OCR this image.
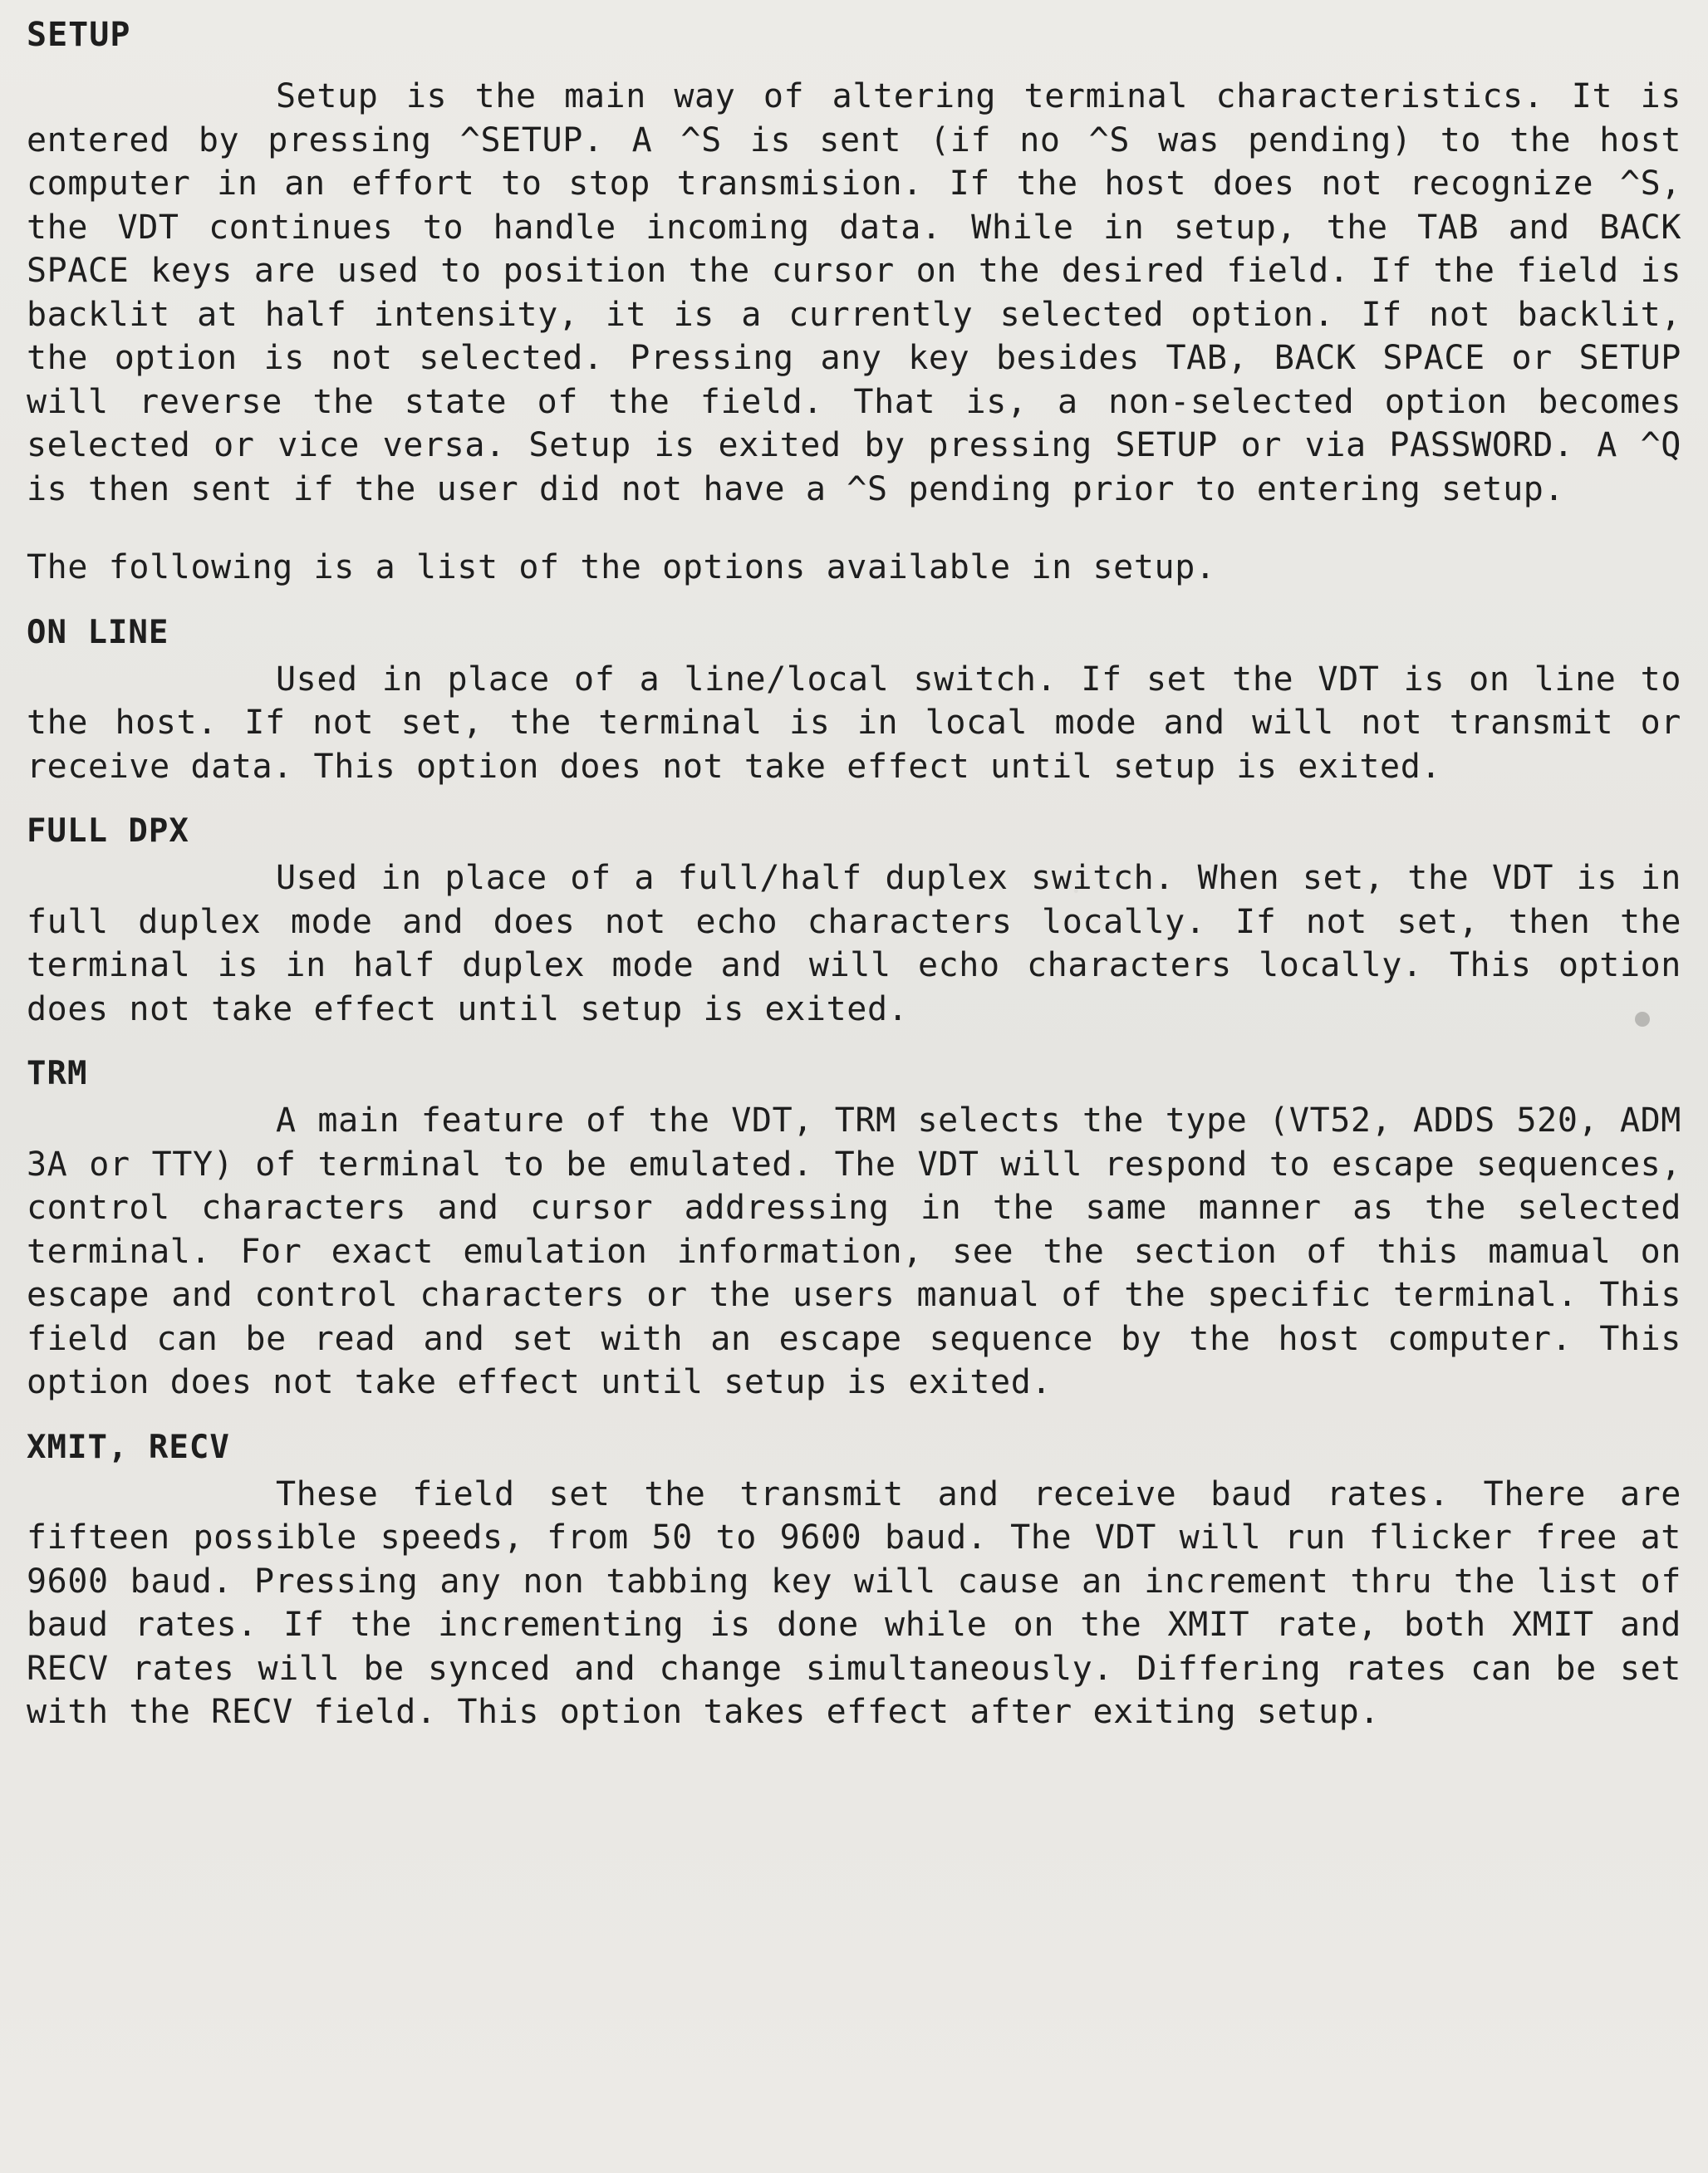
SETUP

Setup is the main way of altering terminal characteristics. It is entered by pressing ^SETUP. A ^S is sent (if no ^S was pending) to the host computer in an effort to stop transmision. If the host does not recognize ^S, the VDT continues to handle incoming data. While in setup, the TAB and BACK SPACE keys are used to position the cursor on the desired field. If the field is backlit at half intensity, it is a currently selected option. If not backlit, the option is not selected. Pressing any key besides TAB, BACK SPACE or SETUP will reverse the state of the field. That is, a non-selected option becomes selected or vice versa. Setup is exited by pressing SETUP or via PASSWORD. A ^Q is then sent if the user did not have a ^S pending prior to entering setup.

The following is a list of the options available in setup.

ON LINE

Used in place of a line/local switch. If set the VDT is on line to the host. If not set, the terminal is in local mode and will not transmit or receive data. This option does not take effect until setup is exited.

FULL DPX

Used in place of a full/half duplex switch. When set, the VDT is in full duplex mode and does not echo characters locally. If not set, then the terminal is in half duplex mode and will echo characters locally. This option does not take effect until setup is exited.

TRM

A main feature of the VDT, TRM selects the type (VT52, ADDS 520, ADM 3A or TTY) of terminal to be emulated. The VDT will respond to escape sequences, control characters and cursor addressing in the same manner as the selected terminal. For exact emulation information, see the section of this mamual on escape and control characters or the users manual of the specific terminal. This field can be read and set with an escape sequence by the host computer. This option does not take effect until setup is exited.

XMIT, RECV

These field set the transmit and receive baud rates. There are fifteen possible speeds, from 50 to 9600 baud. The VDT will run flicker free at 9600 baud. Pressing any non tabbing key will cause an increment thru the list of baud rates. If the incrementing is done while on the XMIT rate, both XMIT and RECV rates will be synced and change simultaneously. Differing rates can be set with the RECV field. This option takes effect after exiting setup.
